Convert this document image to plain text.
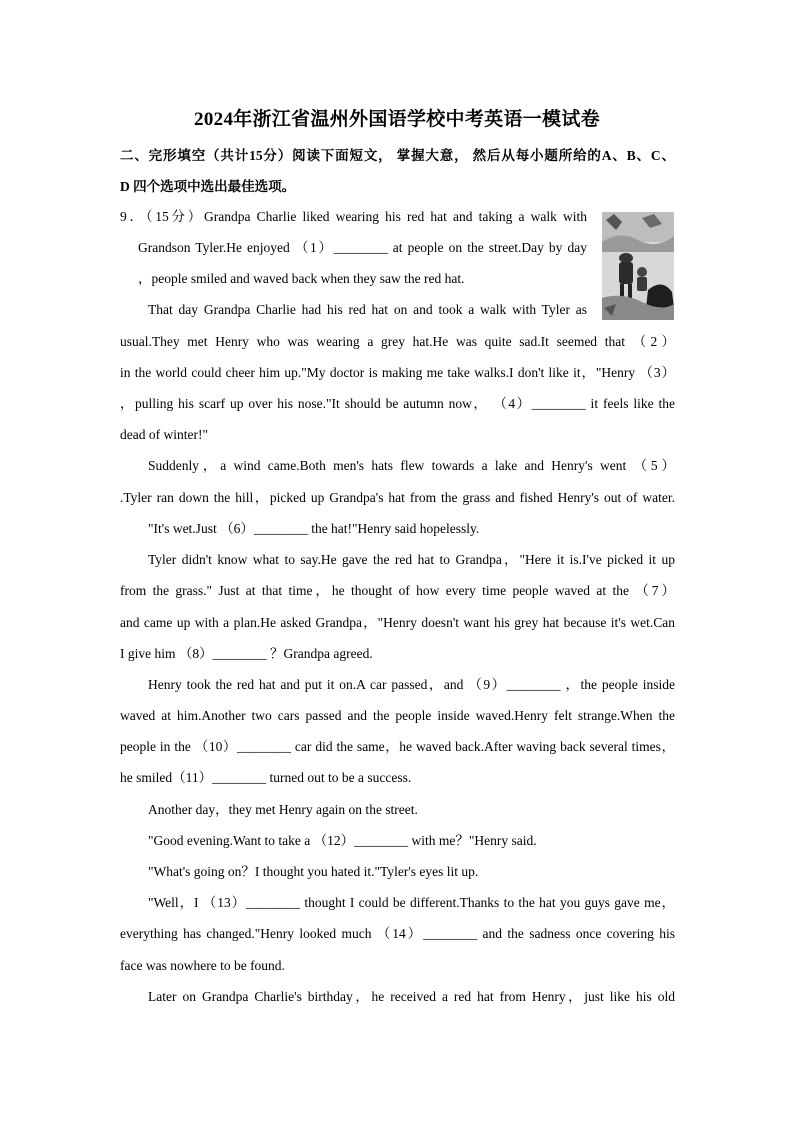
2024年浙江省温州外国语学校中考英语一模试卷
二、完形填空（共计15分）阅读下面短文， 掌握大意， 然后从每小题所给的A、B、C、
D 四个选项中选出最佳选项。
9．（15分）Grandpa Charlie liked wearing his red hat and taking a walk with
Grandson Tyler.He enjoyed （1）________ at people on the street.Day by day
，people smiled and waved back when they saw the red hat.
That day Grandpa Charlie had his red hat on and took a walk with Tyler as
usual.They met Henry who was wearing a grey hat.He was quite sad.It seemed that （2）
in the world could cheer him up."My doctor is making me take walks.I don't like it，"Henry （3）
，pulling his scarf up over his nose."It should be autumn now， （4）________ it feels like the
dead of winter!"
Suddenly，a wind came.Both men's hats flew towards a lake and Henry's went （5）
.Tyler ran down the hill，picked up Grandpa's hat from the grass and fished Henry's out of water.
"It's wet.Just （6）________ the hat!"Henry said hopelessly.
Tyler didn't know what to say.He gave the red hat to Grandpa，"Here it is.I've picked it up
from the grass." Just at that time，he thought of how every time people waved at the （7）
and came up with a plan.He asked Grandpa，"Henry doesn't want his grey hat because it's wet.Can
I give him （8）________ ？Grandpa agreed.
Henry took the red hat and put it on.A car passed，and （9）________ ，the people inside
waved at him.Another two cars passed and the people inside waved.Henry felt strange.When the
people in the （10）________ car did the same，he waved back.After waving back several times，
he smiled（11）________ turned out to be a success.
Another day，they met Henry again on the street.
"Good evening.Want to take a （12）________ with me？"Henry said.
"What's going on？I thought you hated it."Tyler's eyes lit up.
"Well，I （13）________ thought I could be different.Thanks to the hat you guys gave me，
everything has changed."Henry looked much （14）________ and the sadness once covering his
face was nowhere to be found.
Later on Grandpa Charlie's birthday，he received a red hat from Henry，just like his old
